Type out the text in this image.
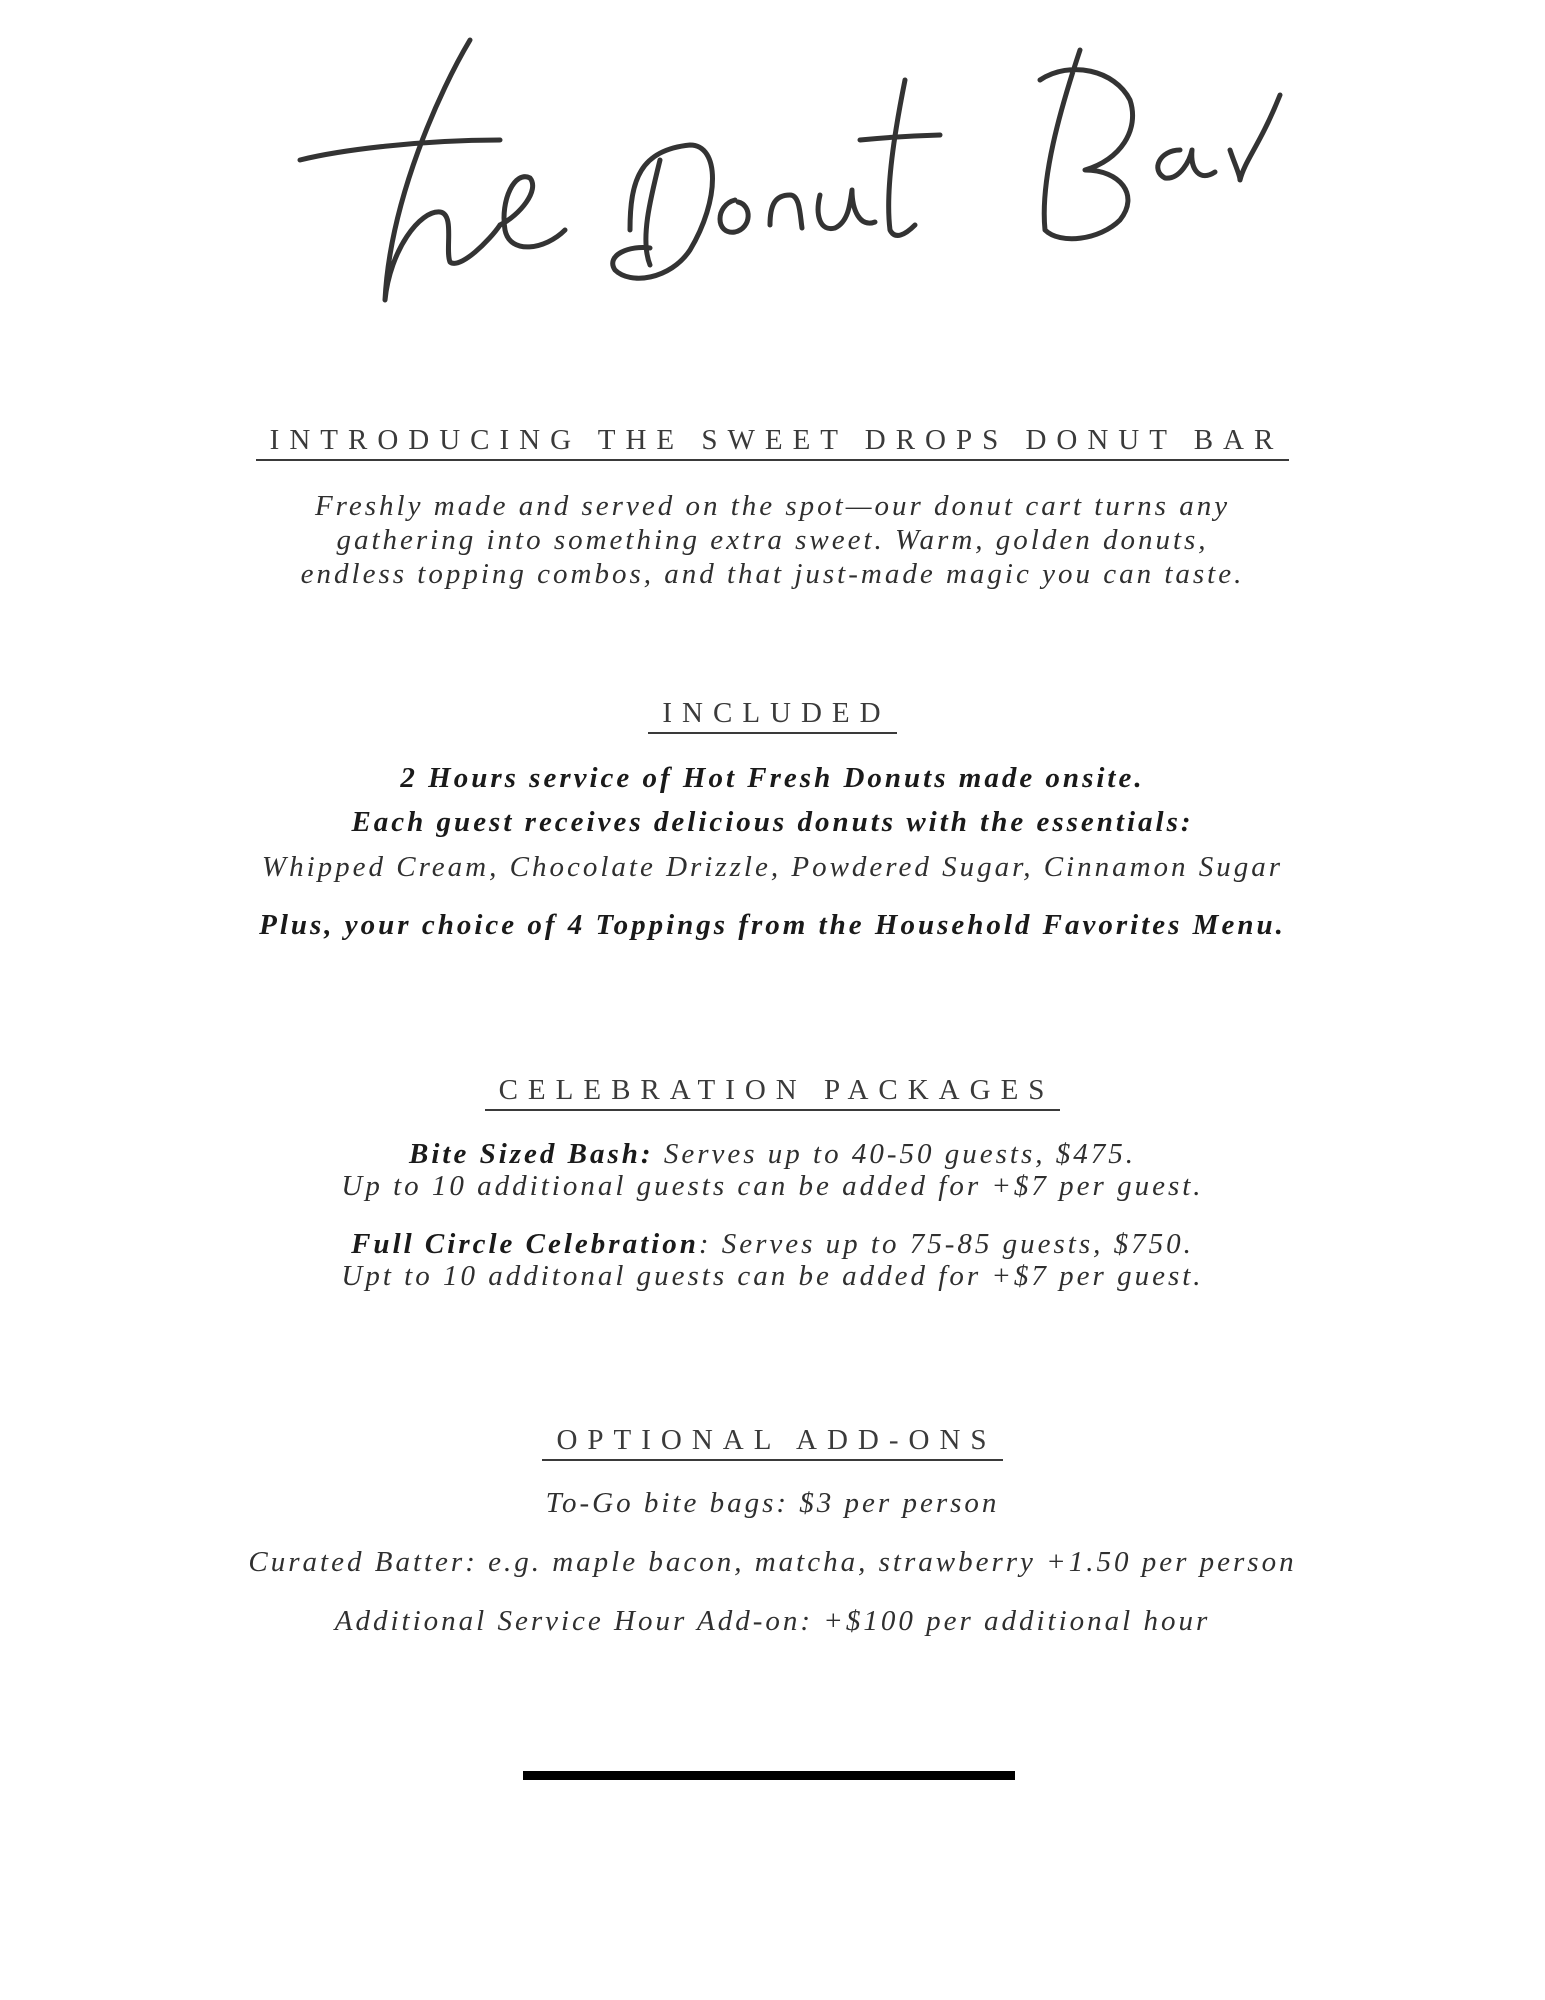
INTRODUCING THE SWEET DROPS DONUT BAR
Freshly made and served on the spot—our donut cart turns any
gathering into something extra sweet. Warm, golden donuts,
endless topping combos, and that just-made magic you can taste.
INCLUDED
2 Hours service of Hot Fresh Donuts made onsite.
Each guest receives delicious donuts with the essentials:
Whipped Cream, Chocolate Drizzle, Powdered Sugar, Cinnamon Sugar
Plus, your choice of 4 Toppings from the Household Favorites Menu.
CELEBRATION PACKAGES
Bite Sized Bash: Serves up to 40-50 guests, $475.
Up to 10 additional guests can be added for +$7 per guest.
Full Circle Celebration: Serves up to 75-85 guests, $750.
Upt to 10 additonal guests can be added for +$7 per guest.
OPTIONAL ADD-ONS
To-Go bite bags: $3 per person
Curated Batter: e.g. maple bacon, matcha, strawberry +1.50 per person
Additional Service Hour Add-on: +$100 per additional hour
